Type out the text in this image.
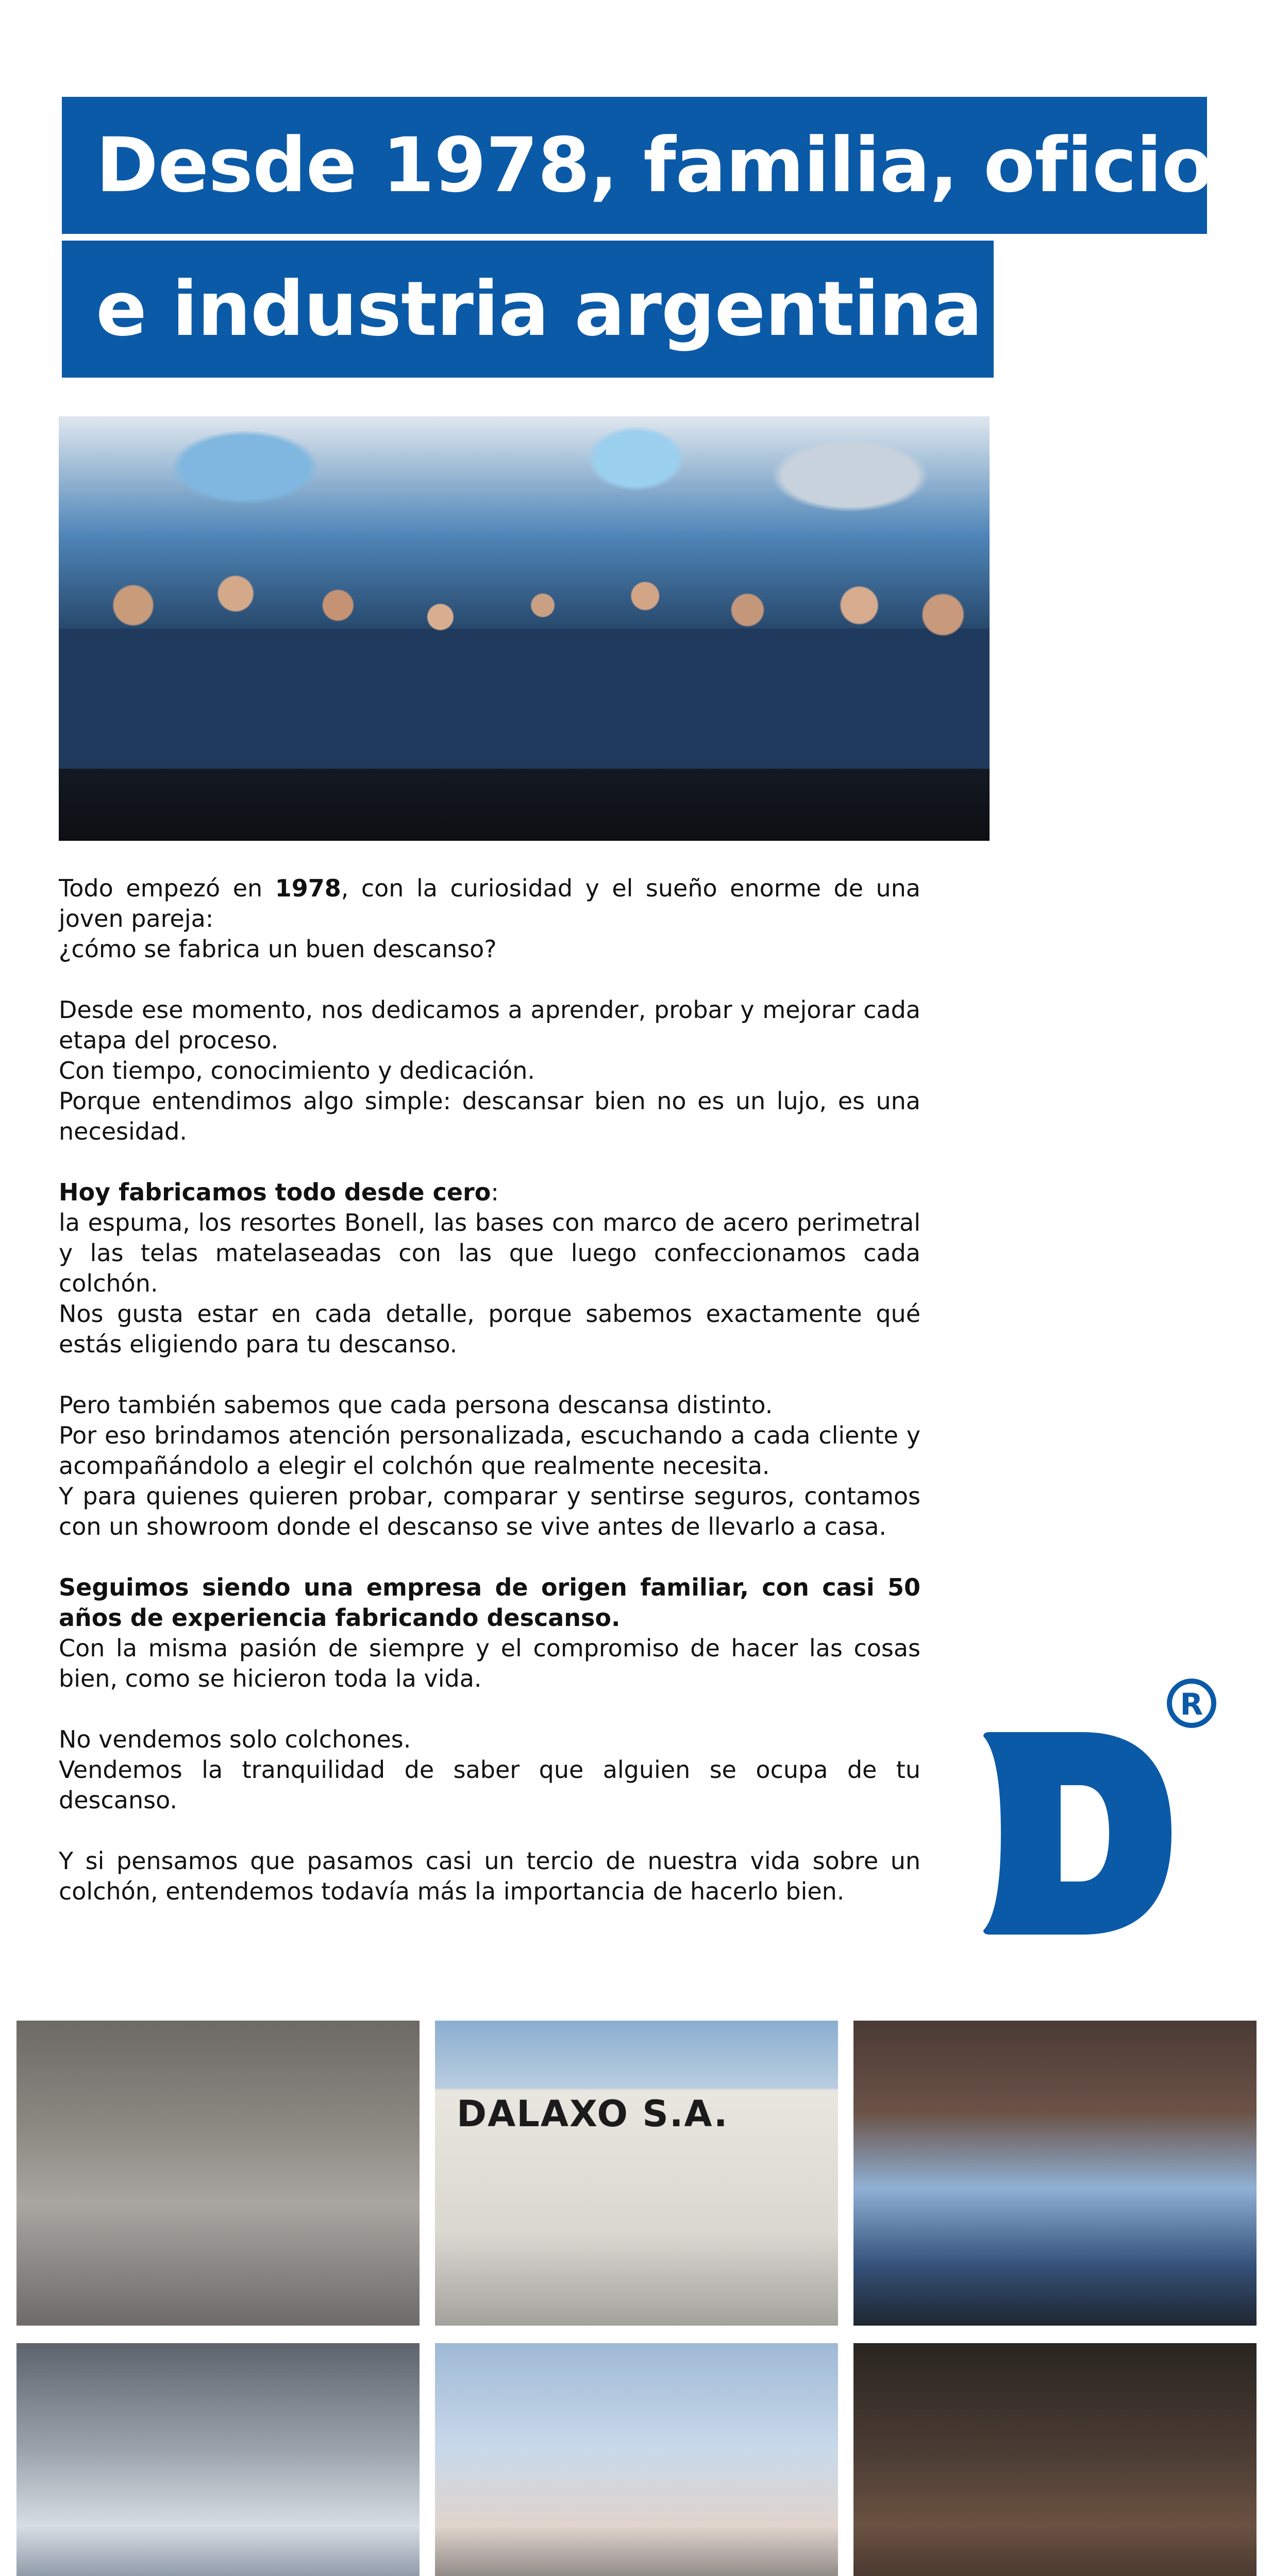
Desde 1978, familia, oficio
e industria argentina

Todo empezó en 1978, con la curiosidad y el sueño enorme de una joven pareja:
¿cómo se fabrica un buen descanso?

Desde ese momento, nos dedicamos a aprender, probar y mejorar cada etapa del proceso.
Con tiempo, conocimiento y dedicación.
Porque entendimos algo simple: descansar bien no es un lujo, es una necesidad.

Hoy fabricamos todo desde cero:
la espuma, los resortes Bonell, las bases con marco de acero perimetral y las telas matelaseadas con las que luego confeccionamos cada colchón.
Nos gusta estar en cada detalle, porque sabemos exactamente qué estás eligiendo para tu descanso.

Pero también sabemos que cada persona descansa distinto.
Por eso brindamos atención personalizada, escuchando a cada cliente y acompañándolo a elegir el colchón que realmente necesita.
Y para quienes quieren probar, comparar y sentirse seguros, contamos con un showroom donde el descanso se vive antes de llevarlo a casa.

Seguimos siendo una empresa de origen familiar, con casi 50 años de experiencia fabricando descanso.
Con la misma pasión de siempre y el compromiso de hacer las cosas bien, como se hicieron toda la vida.

No vendemos solo colchones.
Vendemos la tranquilidad de saber que alguien se ocupa de tu descanso.

Y si pensamos que pasamos casi un tercio de nuestra vida sobre un colchón, entendemos todavía más la importancia de hacerlo bien.

R
DALAXO S.A.
